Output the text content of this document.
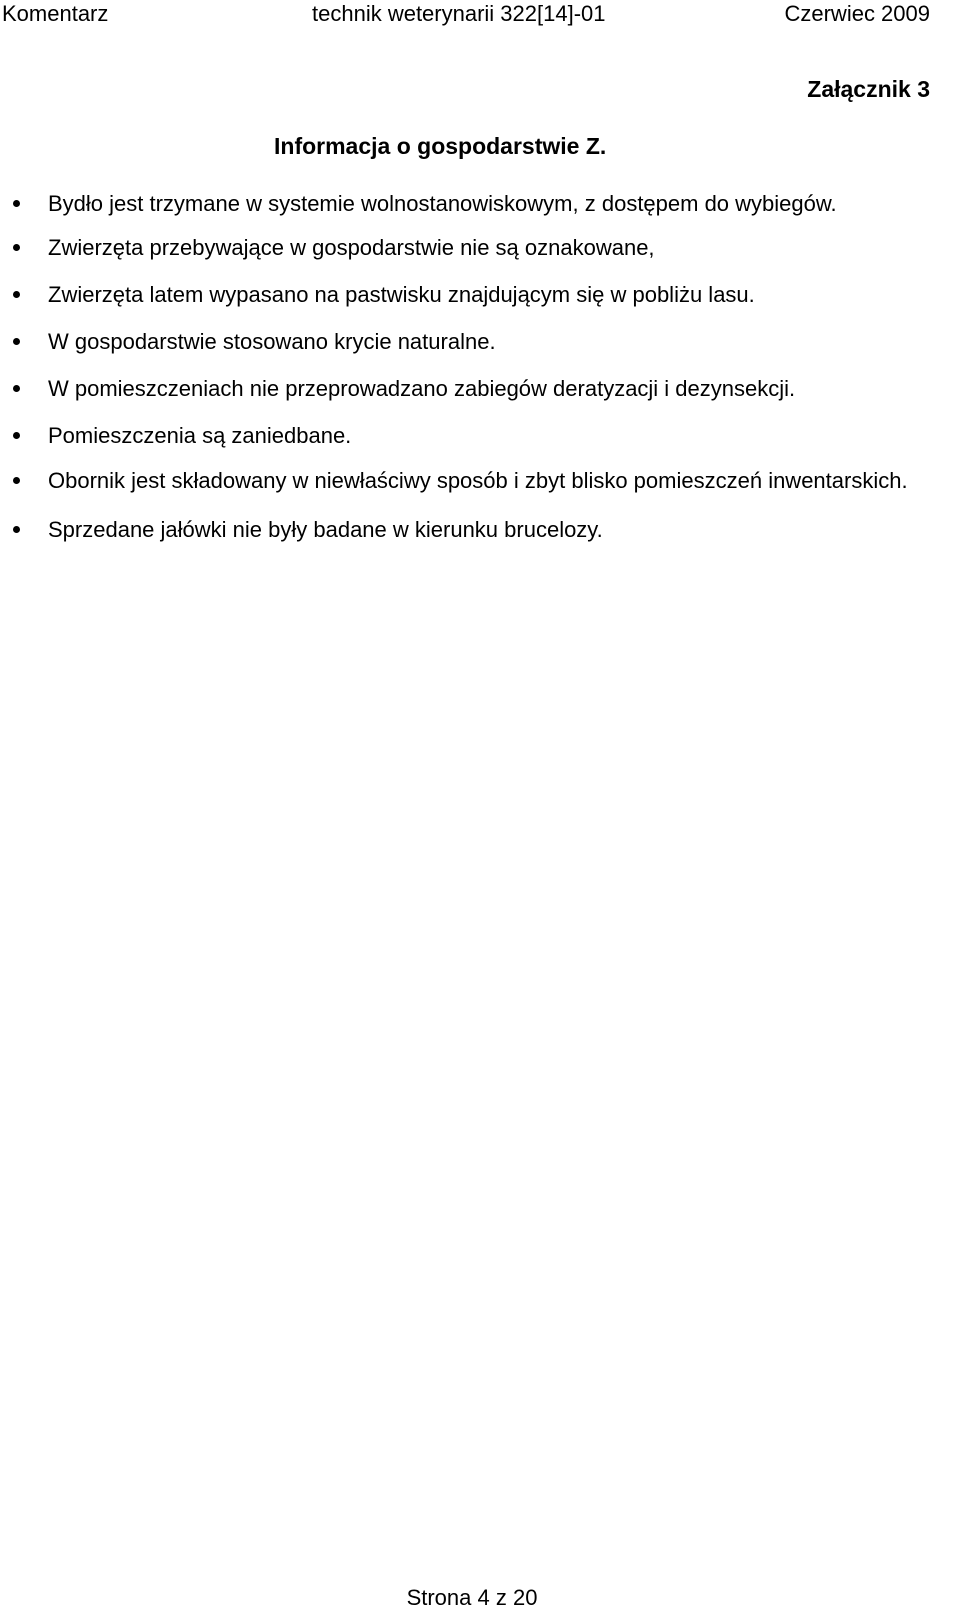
Komentarz	technik weterynarii 322[14]-01	Czerwiec 2009
Załącznik 3
Informacja o gospodarstwie Z.
Bydło jest trzymane w systemie wolnostanowiskowym, z dostępem do wybiegów.
Zwierzęta przebywające w gospodarstwie nie są oznakowane,
Zwierzęta latem wypasano na pastwisku znajdującym się w pobliżu lasu.
W gospodarstwie stosowano krycie naturalne.
W pomieszczeniach nie przeprowadzano zabiegów deratyzacji i dezynsekcji.
Pomieszczenia są zaniedbane.
Obornik jest składowany w niewłaściwy sposób i zbyt blisko pomieszczeń inwentarskich.
Sprzedane jałówki nie były badane w kierunku brucelozy.
Strona 4 z 20
